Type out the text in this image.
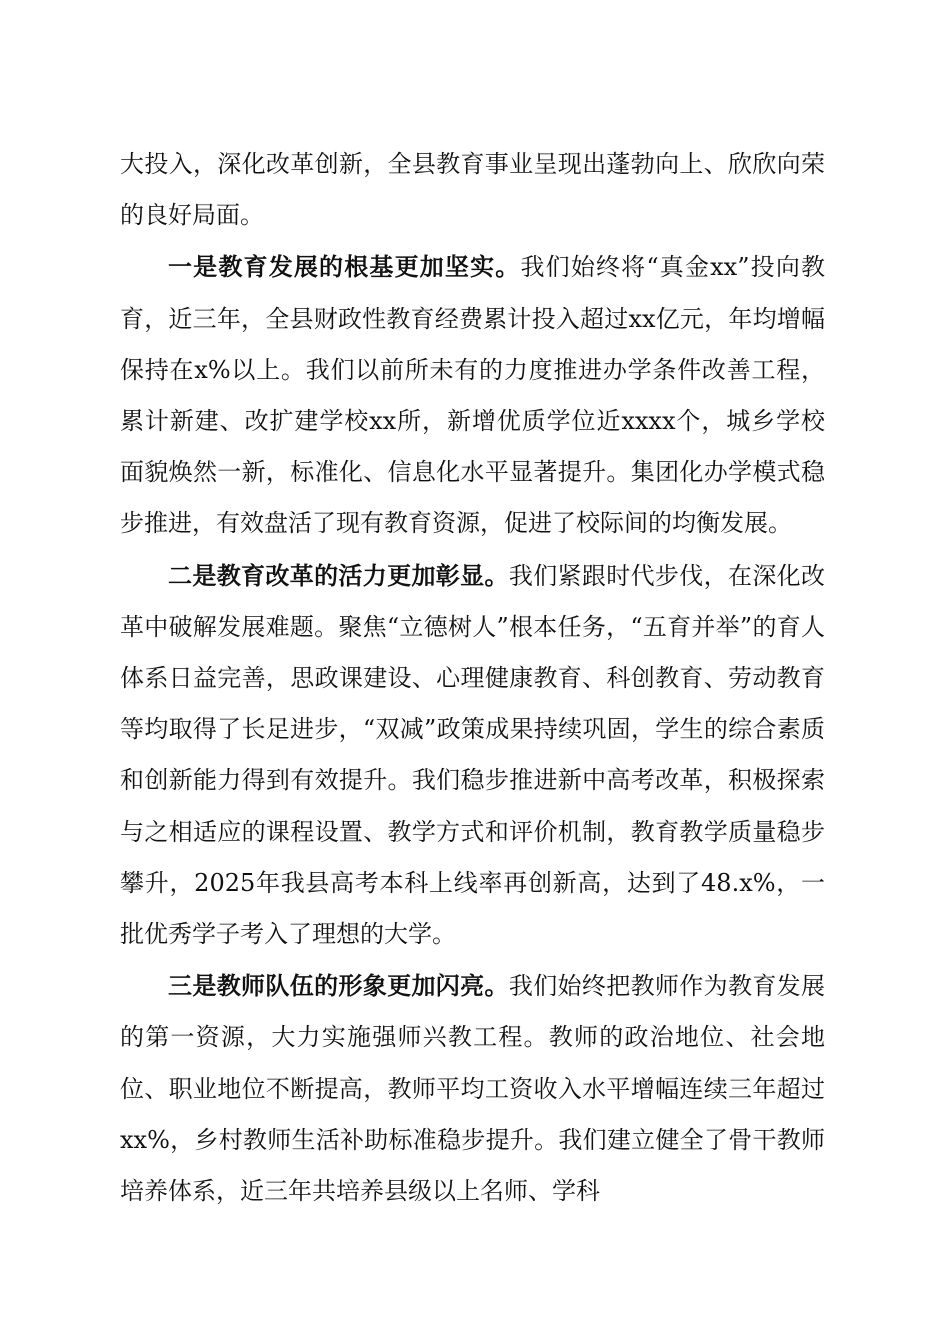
大投入，深化改革创新，全县教育事业呈现出蓬勃向上、欣欣向荣的良好局面。

一是教育发展的根基更加坚实。我们始终将“真金xx”投向教育，近三年，全县财政性教育经费累计投入超过xx亿元，年均增幅保持在x%以上。我们以前所未有的力度推进办学条件改善工程，累计新建、改扩建学校xx所，新增优质学位近xxxx个，城乡学校面貌焕然一新，标准化、信息化水平显著提升。集团化办学模式稳步推进，有效盘活了现有教育资源，促进了校际间的均衡发展。

二是教育改革的活力更加彰显。我们紧跟时代步伐，在深化改革中破解发展难题。聚焦“立德树人”根本任务，“五育并举”的育人体系日益完善，思政课建设、心理健康教育、科创教育、劳动教育等均取得了长足进步，“双减”政策成果持续巩固，学生的综合素质和创新能力得到有效提升。我们稳步推进新中高考改革，积极探索与之相适应的课程设置、教学方式和评价机制，教育教学质量稳步攀升，2025年我县高考本科上线率再创新高，达到了48.x%，一批优秀学子考入了理想的大学。

三是教师队伍的形象更加闪亮。我们始终把教师作为教育发展的第一资源，大力实施强师兴教工程。教师的政治地位、社会地位、职业地位不断提高，教师平均工资收入水平增幅连续三年超过xx%，乡村教师生活补助标准稳步提升。我们建立健全了骨干教师培养体系，近三年共培养县级以上名师、学科
